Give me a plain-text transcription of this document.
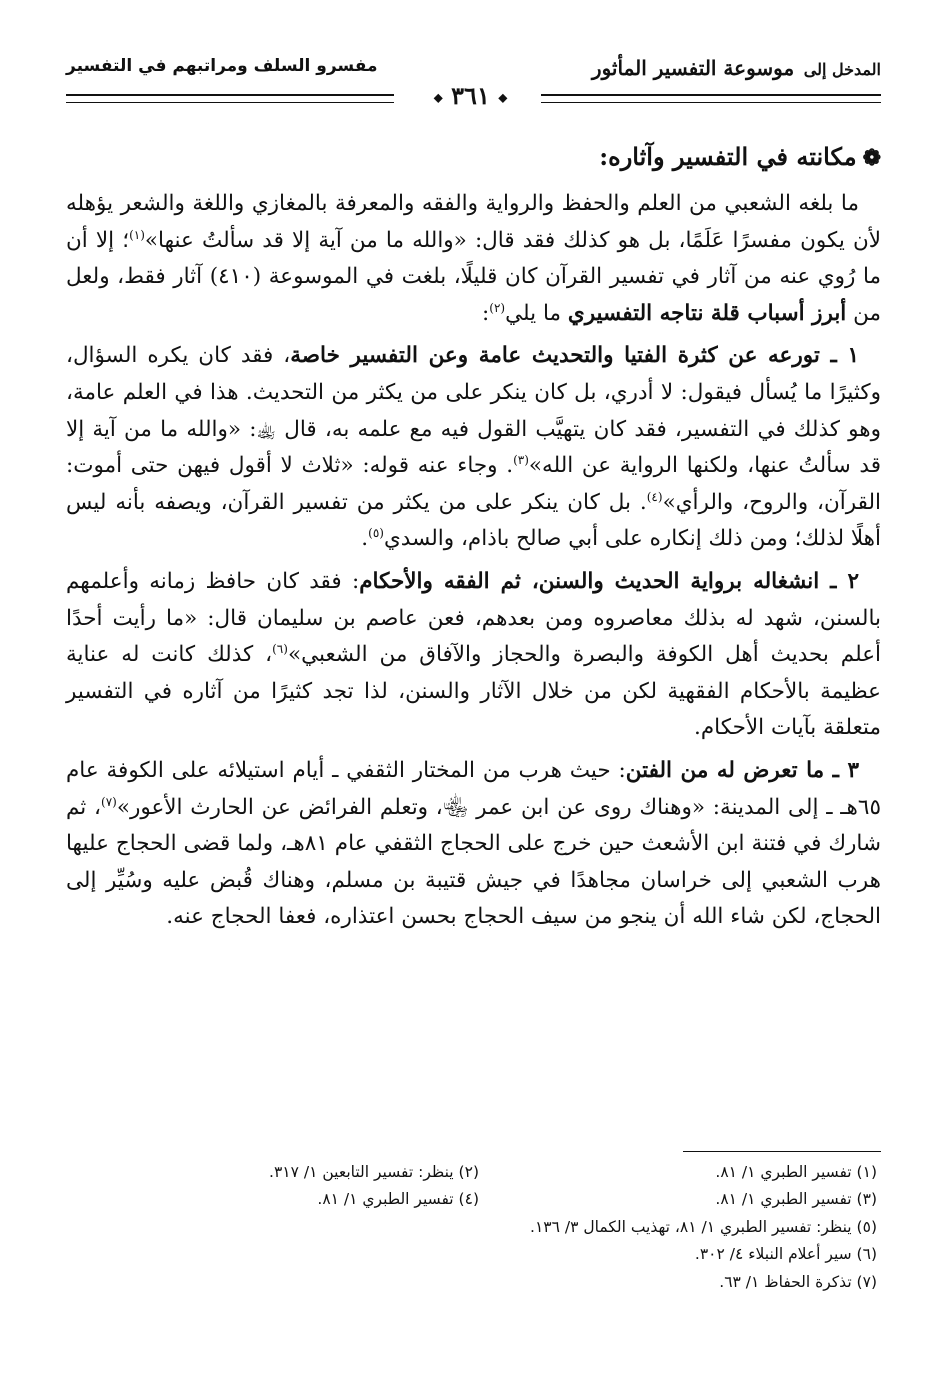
المدخل إلى موسوعة التفسير المأثور
◆ ٣٦١ ◆
مفسرو السلف ومراتبهم في التفسير
❁مكانته في التفسير وآثاره:

ما بلغه الشعبي من العلم والحفظ والرواية والفقه والمعرفة بالمغازي واللغة والشعر يؤهله لأن يكون مفسرًا عَلَمًا، بل هو كذلك فقد قال: «والله ما من آية إلا قد سألتُ عنها»$^{(١)}$؛ إلا أن ما رُوي عنه من آثار في تفسير القرآن كان قليلًا، بلغت في الموسوعة (٤١٠) آثار فقط، ولعل من أبرز أسباب قلة نتاجه التفسيري ما يلي$^{(٢)}$:

١ ـ تورعه عن كثرة الفتيا والتحديث عامة وعن التفسير خاصة، فقد كان يكره السؤال، وكثيرًا ما يُسأل فيقول: لا أدري، بل كان ينكر على من يكثر من التحديث. هذا في العلم عامة، وهو كذلك في التفسير، فقد كان يتهيَّب القول فيه مع علمه به، قال ﵀: «والله ما من آية إلا قد سألتُ عنها، ولكنها الرواية عن الله»$^{(٣)}$. وجاء عنه قوله: «ثلاث لا أقول فيهن حتى أموت: القرآن، والروح، والرأي»$^{(٤)}$. بل كان ينكر على من يكثر من تفسير القرآن، ويصفه بأنه ليس أهلًا لذلك؛ ومن ذلك إنكاره على أبي صالح باذام، والسدي$^{(٥)}$.

٢ ـ انشغاله برواية الحديث والسنن، ثم الفقه والأحكام: فقد كان حافظ زمانه وأعلمهم بالسنن، شهد له بذلك معاصروه ومن بعدهم، فعن عاصم بن سليمان قال: «ما رأيت أحدًا أعلم بحديث أهل الكوفة والبصرة والحجاز والآفاق من الشعبي»$^{(٦)}$، كذلك كانت له عناية عظيمة بالأحكام الفقهية لكن من خلال الآثار والسنن، لذا تجد كثيرًا من آثاره في التفسير متعلقة بآيات الأحكام.

٣ ـ ما تعرض له من الفتن: حيث هرب من المختار الثقفي ـ أيام استيلائه على الكوفة عام ٦٥هـ ـ إلى المدينة: «وهناك روى عن ابن عمر ﵄، وتعلم الفرائض عن الحارث الأعور»$^{(٧)}$، ثم شارك في فتنة ابن الأشعث حين خرج على الحجاج الثقفي عام ٨١هـ، ولما قضى الحجاج عليها هرب الشعبي إلى خراسان مجاهدًا في جيش قتيبة بن مسلم، وهناك قُبض عليه وسُيِّر إلى الحجاج، لكن شاء الله أن ينجو من سيف الحجاج بحسن اعتذاره، فعفا الحجاج عنه.

(١) تفسير الطبري ١/ ٨١.
(٢) ينظر: تفسير التابعين ١/ ٣١٧.
(٣) تفسير الطبري ١/ ٨١.
(٤) تفسير الطبري ١/ ٨١.
(٥) ينظر: تفسير الطبري ١/ ٨١، تهذيب الكمال ٣/ ١٣٦.
(٦) سير أعلام النبلاء ٤/ ٣٠٢.
(٧) تذكرة الحفاظ ١/ ٦٣.
